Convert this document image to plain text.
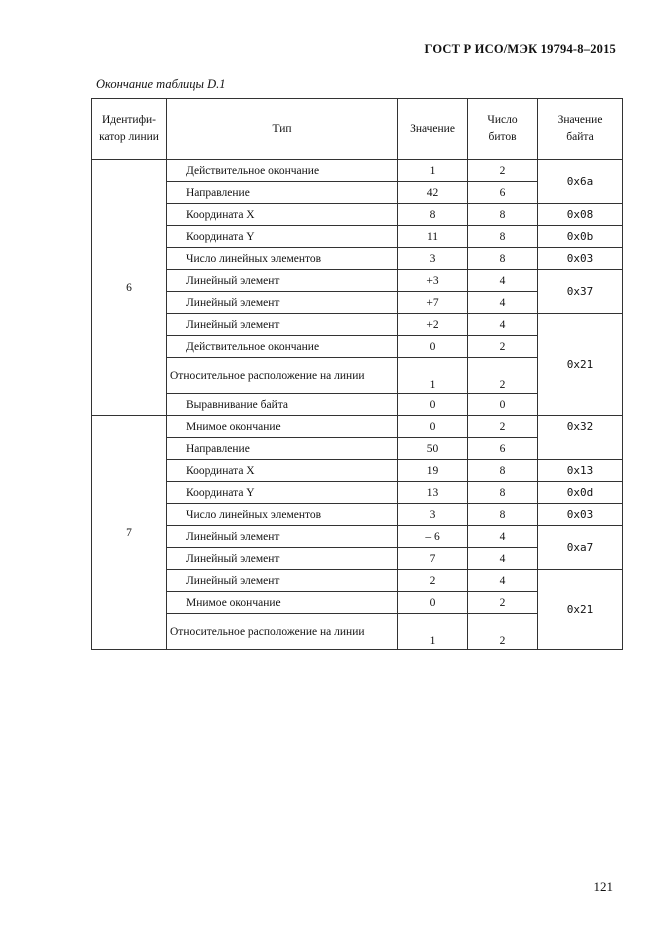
ГОСТ Р ИСО/МЭК 19794-8–2015
Окончание таблицы D.1
Идентифи-катор линии	Тип	Значение	Число битов	Значение байта
6	Действительное окончание	1	2	0x6a
	Направление	42	6	
	Координата X	8	8	0x08
	Координата Y	11	8	0x0b
	Число линейных элементов	3	8	0x03
	Линейный элемент	+3	4	0x37
	Линейный элемент	+7	4	
	Линейный элемент	+2	4	0x21
	Действительное окончание	0	2	
	Относительное расположение на линии	1	2	
	Выравнивание байта	0	0	
7	Мнимое окончание	0	2	0x32
	Направление	50	6	
	Координата X	19	8	0x13
	Координата Y	13	8	0x0d
	Число линейных элементов	3	8	0x03
	Линейный элемент	– 6	4	0xa7
	Линейный элемент	7	4	
	Линейный элемент	2	4	0x21
	Мнимое окончание	0	2	
	Относительное расположение на линии	1	2	
121
